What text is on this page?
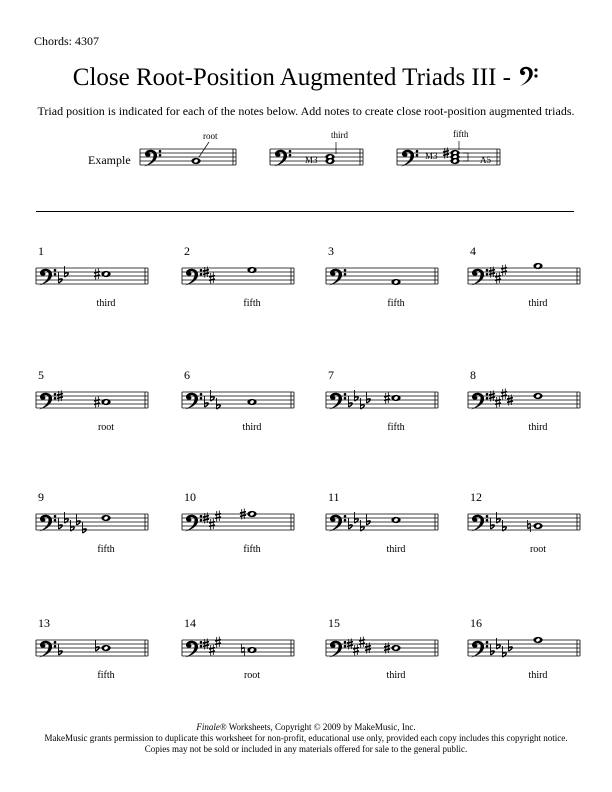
Chords: 4307
Close Root-Position Augmented Triads III -
Triad position is indicated for each of the notes below. Add notes to create close root-position augmented triads.
Example
root	third	fifth
M3	M3	A5
1
third
2
fifth
3
fifth
4
third
5
root
6
third
7
fifth
8
third
9
fifth
10
fifth
11
third
12
root
13
fifth
14
root
15
third
16
third
Finale® Worksheets, Copyright © 2009 by MakeMusic, Inc.
MakeMusic grants permission to duplicate this worksheet for non-profit, educational use only, provided each copy includes this copyright notice.
Copies may not be sold or included in any materials offered for sale to the general public.
